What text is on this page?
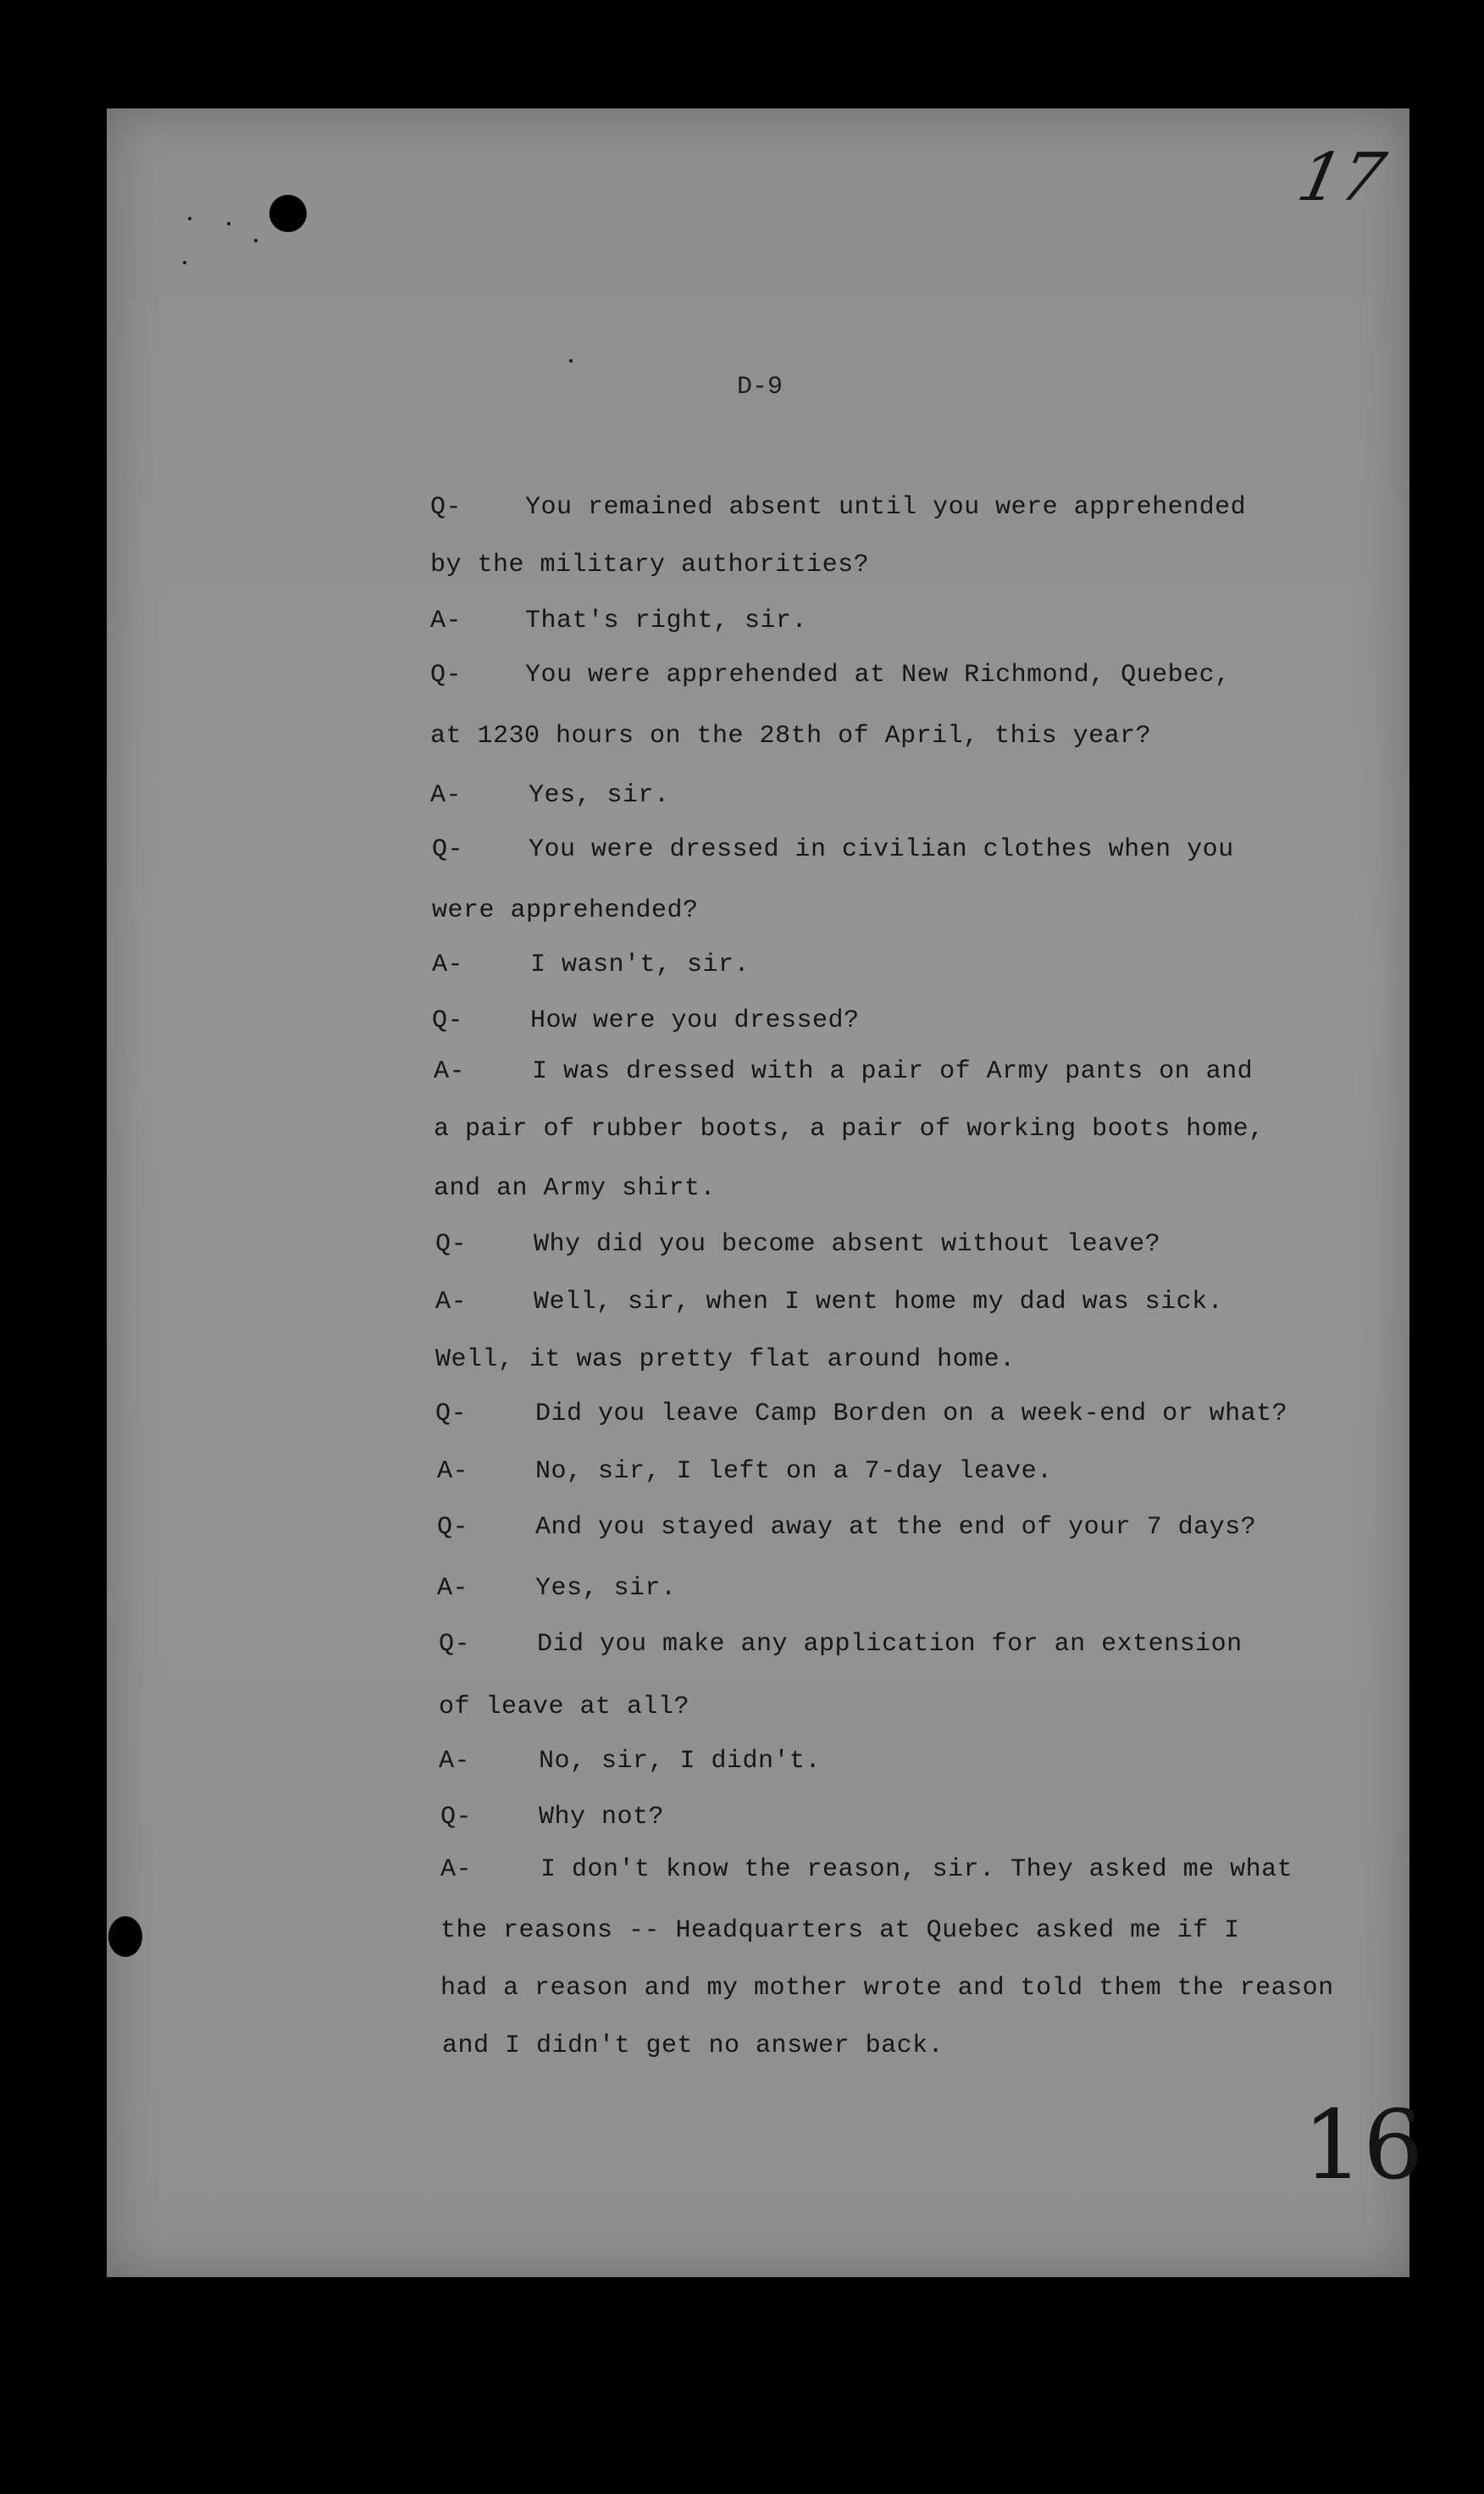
D-9
17
16
Q- You remained absent until you were apprehended
by the military authorities?
A- That's right, sir.
Q- You were apprehended at New Richmond, Quebec,
at 1230 hours on the 28th of April, this year?
A-	Yes, sir.
Q-	You were dressed in civilian clothes when you
were apprehended?
A-	I wasn't, sir.
Q-	How were you dressed?
A-	I was dressed with a pair of Army pants on and
a pair of rubber boots, a pair of working boots home,
and an Army shirt.
Q-	Why did you become absent without leave?
A-	Well, sir, when I went home my dad was sick.
Well, it was pretty flat around home.
Q-	Did you leave Camp Borden on a week-end or what?
A-	No, sir, I left on a 7-day leave.
Q-	And you stayed away at the end of your 7 days?
A-	Yes, sir.
Q-	Did you make any application for an extension
of leave at all?
A-	No, sir, I didn't.
Q-	Why not?
A-	I don't know the reason, sir. They asked me what
the reasons -- Headquarters at Quebec asked me if I
had a reason and my mother wrote and told them the reason
and I didn't get no answer back.
